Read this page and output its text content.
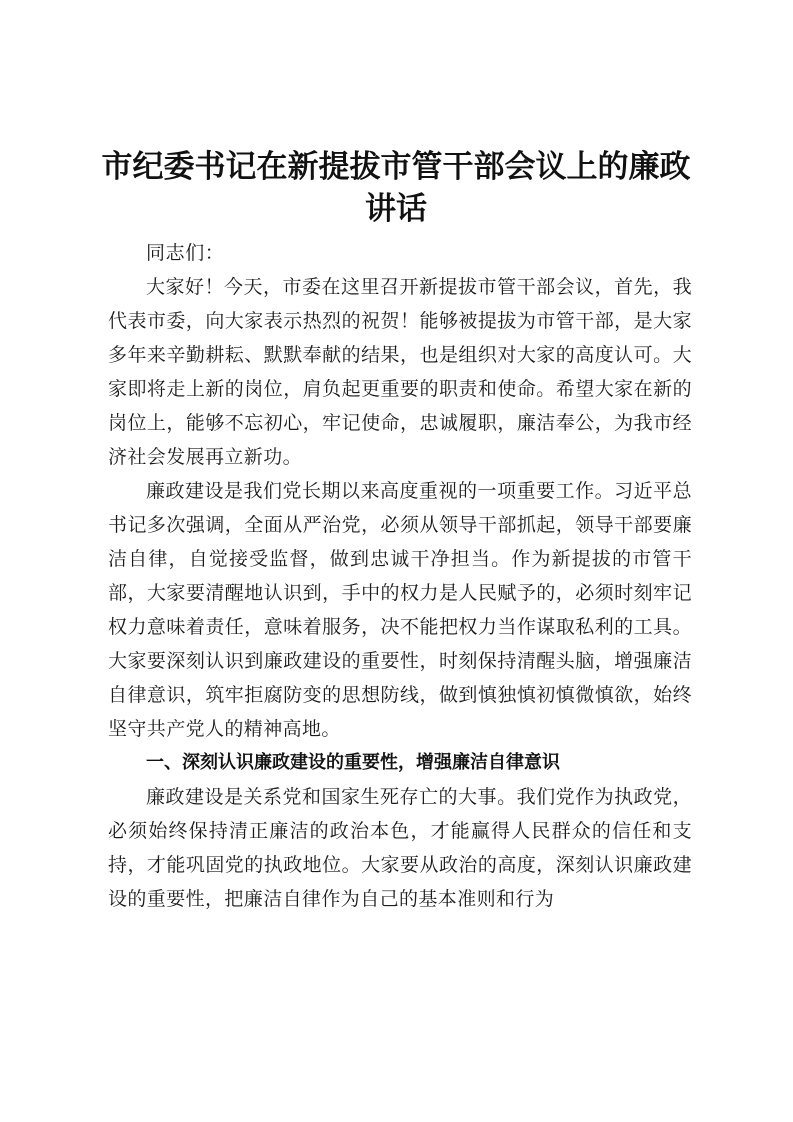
市纪委书记在新提拔市管干部会议上的廉政讲话

同志们：

大家好！今天，市委在这里召开新提拔市管干部会议，首先，我代表市委，向大家表示热烈的祝贺！能够被提拔为市管干部，是大家多年来辛勤耕耘、默默奉献的结果，也是组织对大家的高度认可。大家即将走上新的岗位，肩负起更重要的职责和使命。希望大家在新的岗位上，能够不忘初心，牢记使命，忠诚履职，廉洁奉公，为我市经济社会发展再立新功。

廉政建设是我们党长期以来高度重视的一项重要工作。习近平总书记多次强调，全面从严治党，必须从领导干部抓起，领导干部要廉洁自律，自觉接受监督，做到忠诚干净担当。作为新提拔的市管干部，大家要清醒地认识到，手中的权力是人民赋予的，必须时刻牢记权力意味着责任，意味着服务，决不能把权力当作谋取私利的工具。大家要深刻认识到廉政建设的重要性，时刻保持清醒头脑，增强廉洁自律意识，筑牢拒腐防变的思想防线，做到慎独慎初慎微慎欲，始终坚守共产党人的精神高地。

一、深刻认识廉政建设的重要性，增强廉洁自律意识

廉政建设是关系党和国家生死存亡的大事。我们党作为执政党，必须始终保持清正廉洁的政治本色，才能赢得人民群众的信任和支持，才能巩固党的执政地位。大家要从政治的高度，深刻认识廉政建设的重要性，把廉洁自律作为自己的基本准则和行为
